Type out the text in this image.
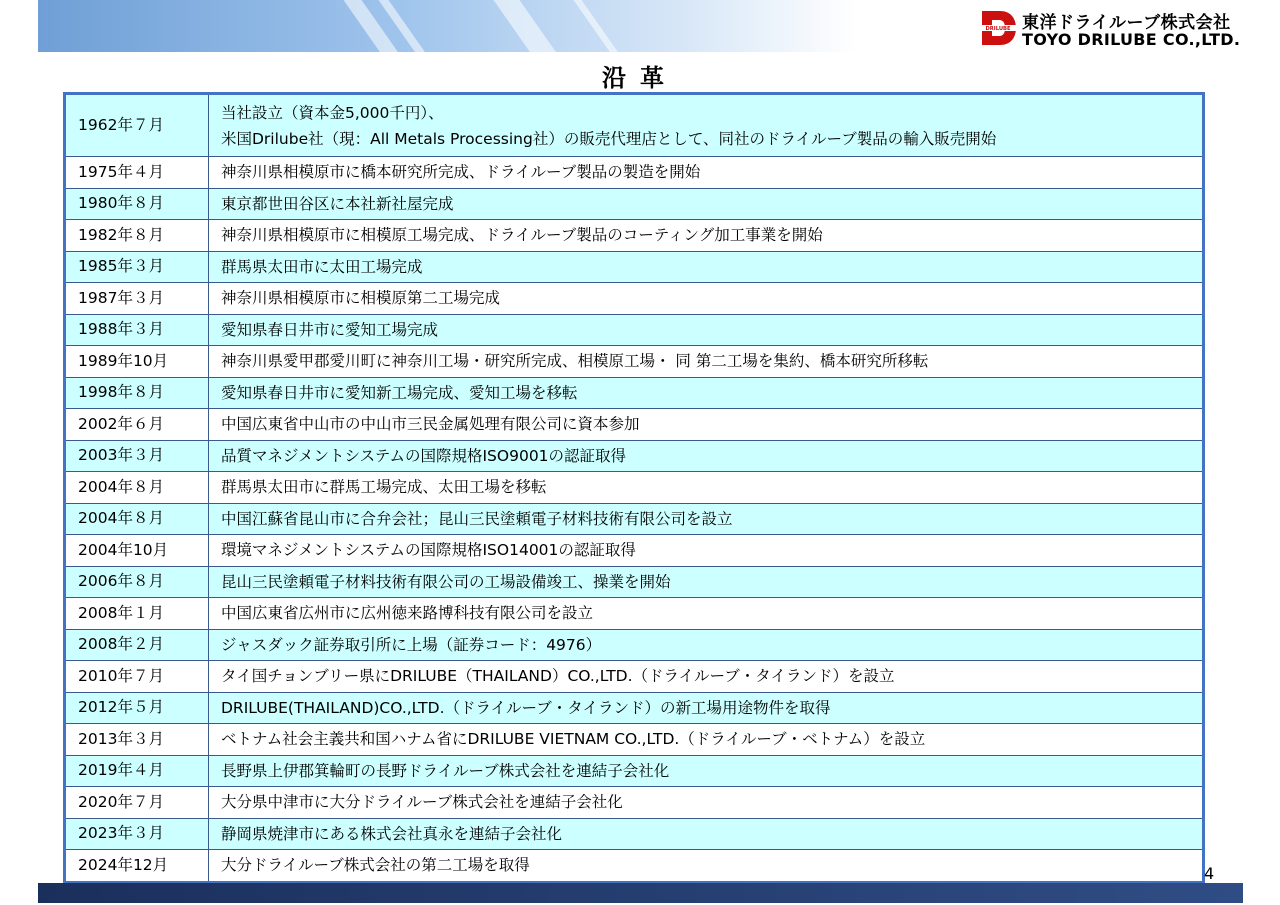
DRILUBE 東洋ドライルーブ株式会社
TOYO DRILUBE CO.,LTD.
沿革
1962年７月	当社設立（資本金5,000千円）、
米国Drilube社（現：All Metals Processing社）の販売代理店として、同社のドライルーブ製品の輸入販売開始

1975年４月	神奈川県相模原市に橋本研究所完成、ドライルーブ製品の製造を開始

1980年８月	東京都世田谷区に本社新社屋完成

1982年８月	神奈川県相模原市に相模原工場完成、ドライルーブ製品のコーティング加工事業を開始

1985年３月	群馬県太田市に太田工場完成

1987年３月	神奈川県相模原市に相模原第二工場完成

1988年３月	愛知県春日井市に愛知工場完成

1989年10月	神奈川県愛甲郡愛川町に神奈川工場・研究所完成、相模原工場・ 同 第二工場を集約、橋本研究所移転

1998年８月	愛知県春日井市に愛知新工場完成、愛知工場を移転

2002年６月	中国広東省中山市の中山市三民金属処理有限公司に資本参加

2003年３月	品質マネジメントシステムの国際規格ISO9001の認証取得

2004年８月	群馬県太田市に群馬工場完成、太田工場を移転

2004年８月	中国江蘇省昆山市に合弁会社；昆山三民塗頼電子材料技術有限公司を設立

2004年10月	環境マネジメントシステムの国際規格ISO14001の認証取得

2006年８月	昆山三民塗頼電子材料技術有限公司の工場設備竣工、操業を開始

2008年１月	中国広東省広州市に広州徳来路博科技有限公司を設立

2008年２月	ジャスダック証券取引所に上場（証券コード：4976）

2010年７月	タイ国チョンブリー県にDRILUBE（THAILAND）CO.,LTD.（ドライルーブ・タイランド）を設立

2012年５月	DRILUBE(THAILAND)CO.,LTD.（ドライルーブ・タイランド）の新工場用途物件を取得

2013年３月	ベトナム社会主義共和国ハナム省にDRILUBE VIETNAM CO.,LTD.（ドライルーブ・ベトナム）を設立

2019年４月	長野県上伊郡箕輪町の長野ドライルーブ株式会社を連結子会社化

2020年７月	大分県中津市に大分ドライルーブ株式会社を連結子会社化

2023年３月	静岡県焼津市にある株式会社真永を連結子会社化

2024年12月	大分ドライルーブ株式会社の第二工場を取得	4
